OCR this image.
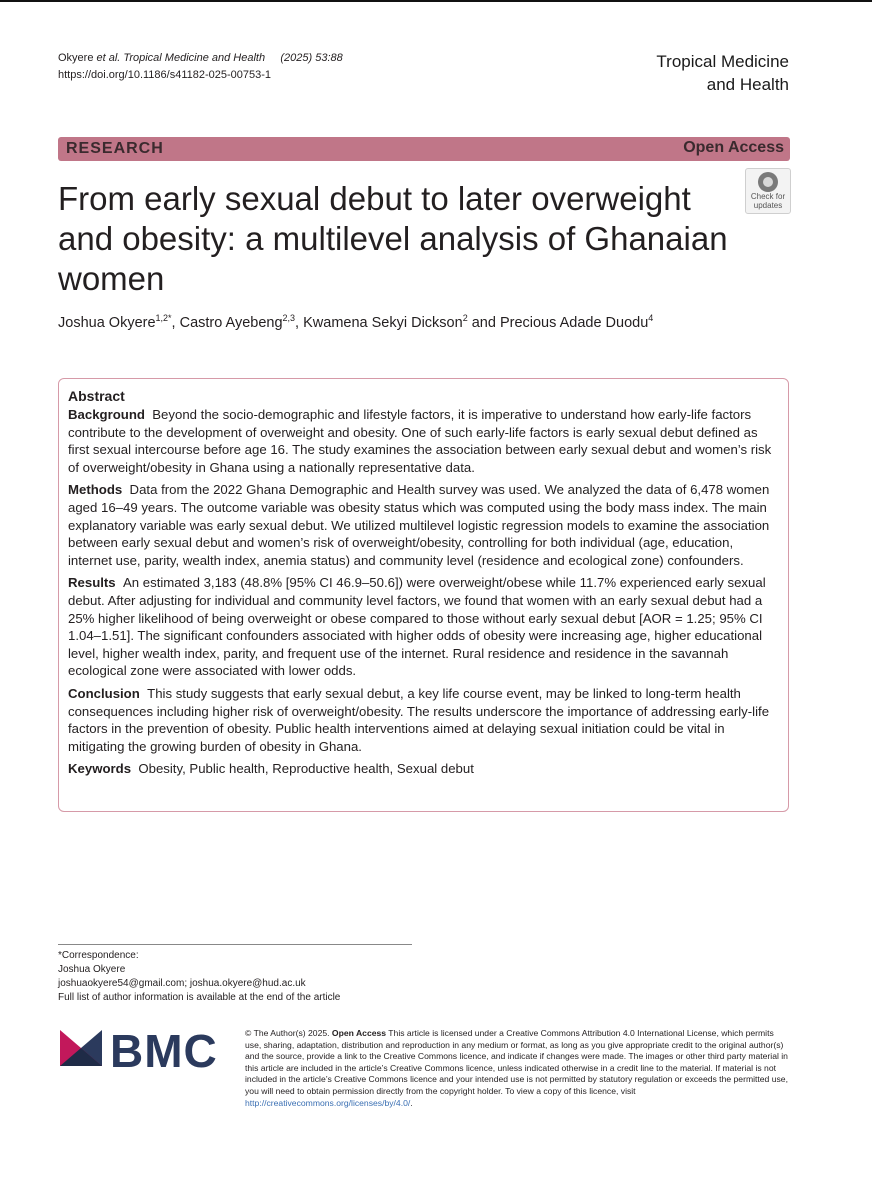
Okyere et al. Tropical Medicine and Health (2025) 53:88
https://doi.org/10.1186/s41182-025-00753-1
Tropical Medicine
and Health
RESEARCH	Open Access
From early sexual debut to later overweight and obesity: a multilevel analysis of Ghanaian women
Check for
updates
Joshua Okyere$^{1,2*}$, Castro Ayebeng$^{2,3}$, Kwamena Sekyi Dickson$^2$ and Precious Adade Duodu$^4$
Abstract

Background Beyond the socio-demographic and lifestyle factors, it is imperative to understand how early-life factors contribute to the development of overweight and obesity. One of such early-life factors is early sexual debut defined as first sexual intercourse before age 16. The study examines the association between early sexual debut and women’s risk of overweight/obesity in Ghana using a nationally representative data.

Methods Data from the 2022 Ghana Demographic and Health survey was used. We analyzed the data of 6,478 women aged 16–49 years. The outcome variable was obesity status which was computed using the body mass index. The main explanatory variable was early sexual debut. We utilized multilevel logistic regression models to examine the association between early sexual debut and women’s risk of overweight/obesity, controlling for both individual (age, education, internet use, parity, wealth index, anemia status) and community level (residence and ecological zone) confounders.

Results An estimated 3,183 (48.8% [95% CI 46.9–50.6]) were overweight/obese while 11.7% experienced early sexual debut. After adjusting for individual and community level factors, we found that women with an early sexual debut had a 25% higher likelihood of being overweight or obese compared to those without early sexual debut [AOR = 1.25; 95% CI 1.04–1.51]. The significant confounders associated with higher odds of obesity were increasing age, higher educational level, higher wealth index, parity, and frequent use of the internet. Rural residence and residence in the savannah ecological zone were associated with lower odds.

Conclusion This study suggests that early sexual debut, a key life course event, may be linked to long-term health consequences including higher risk of overweight/obesity. The results underscore the importance of addressing early-life factors in the prevention of obesity. Public health interventions aimed at delaying sexual initiation could be vital in mitigating the growing burden of obesity in Ghana.

Keywords Obesity, Public health, Reproductive health, Sexual debut

*Correspondence:
Joshua Okyere
joshuaokyere54@gmail.com; joshua.okyere@hud.ac.uk
Full list of author information is available at the end of the article
BMC	© The Author(s) 2025. Open Access This article is licensed under a Creative Commons Attribution 4.0 International License, which permits use, sharing, adaptation, distribution and reproduction in any medium or format, as long as you give appropriate credit to the original author(s) and the source, provide a link to the Creative Commons licence, and indicate if changes were made. The images or other third party material in this article are included in the article’s Creative Commons licence, unless indicated otherwise in a credit line to the material. If material is not included in the article’s Creative Commons licence and your intended use is not permitted by statutory regulation or exceeds the permitted use, you will need to obtain permission directly from the copyright holder. To view a copy of this licence, visit http://creativecommons.org/licenses/by/4.0/.
